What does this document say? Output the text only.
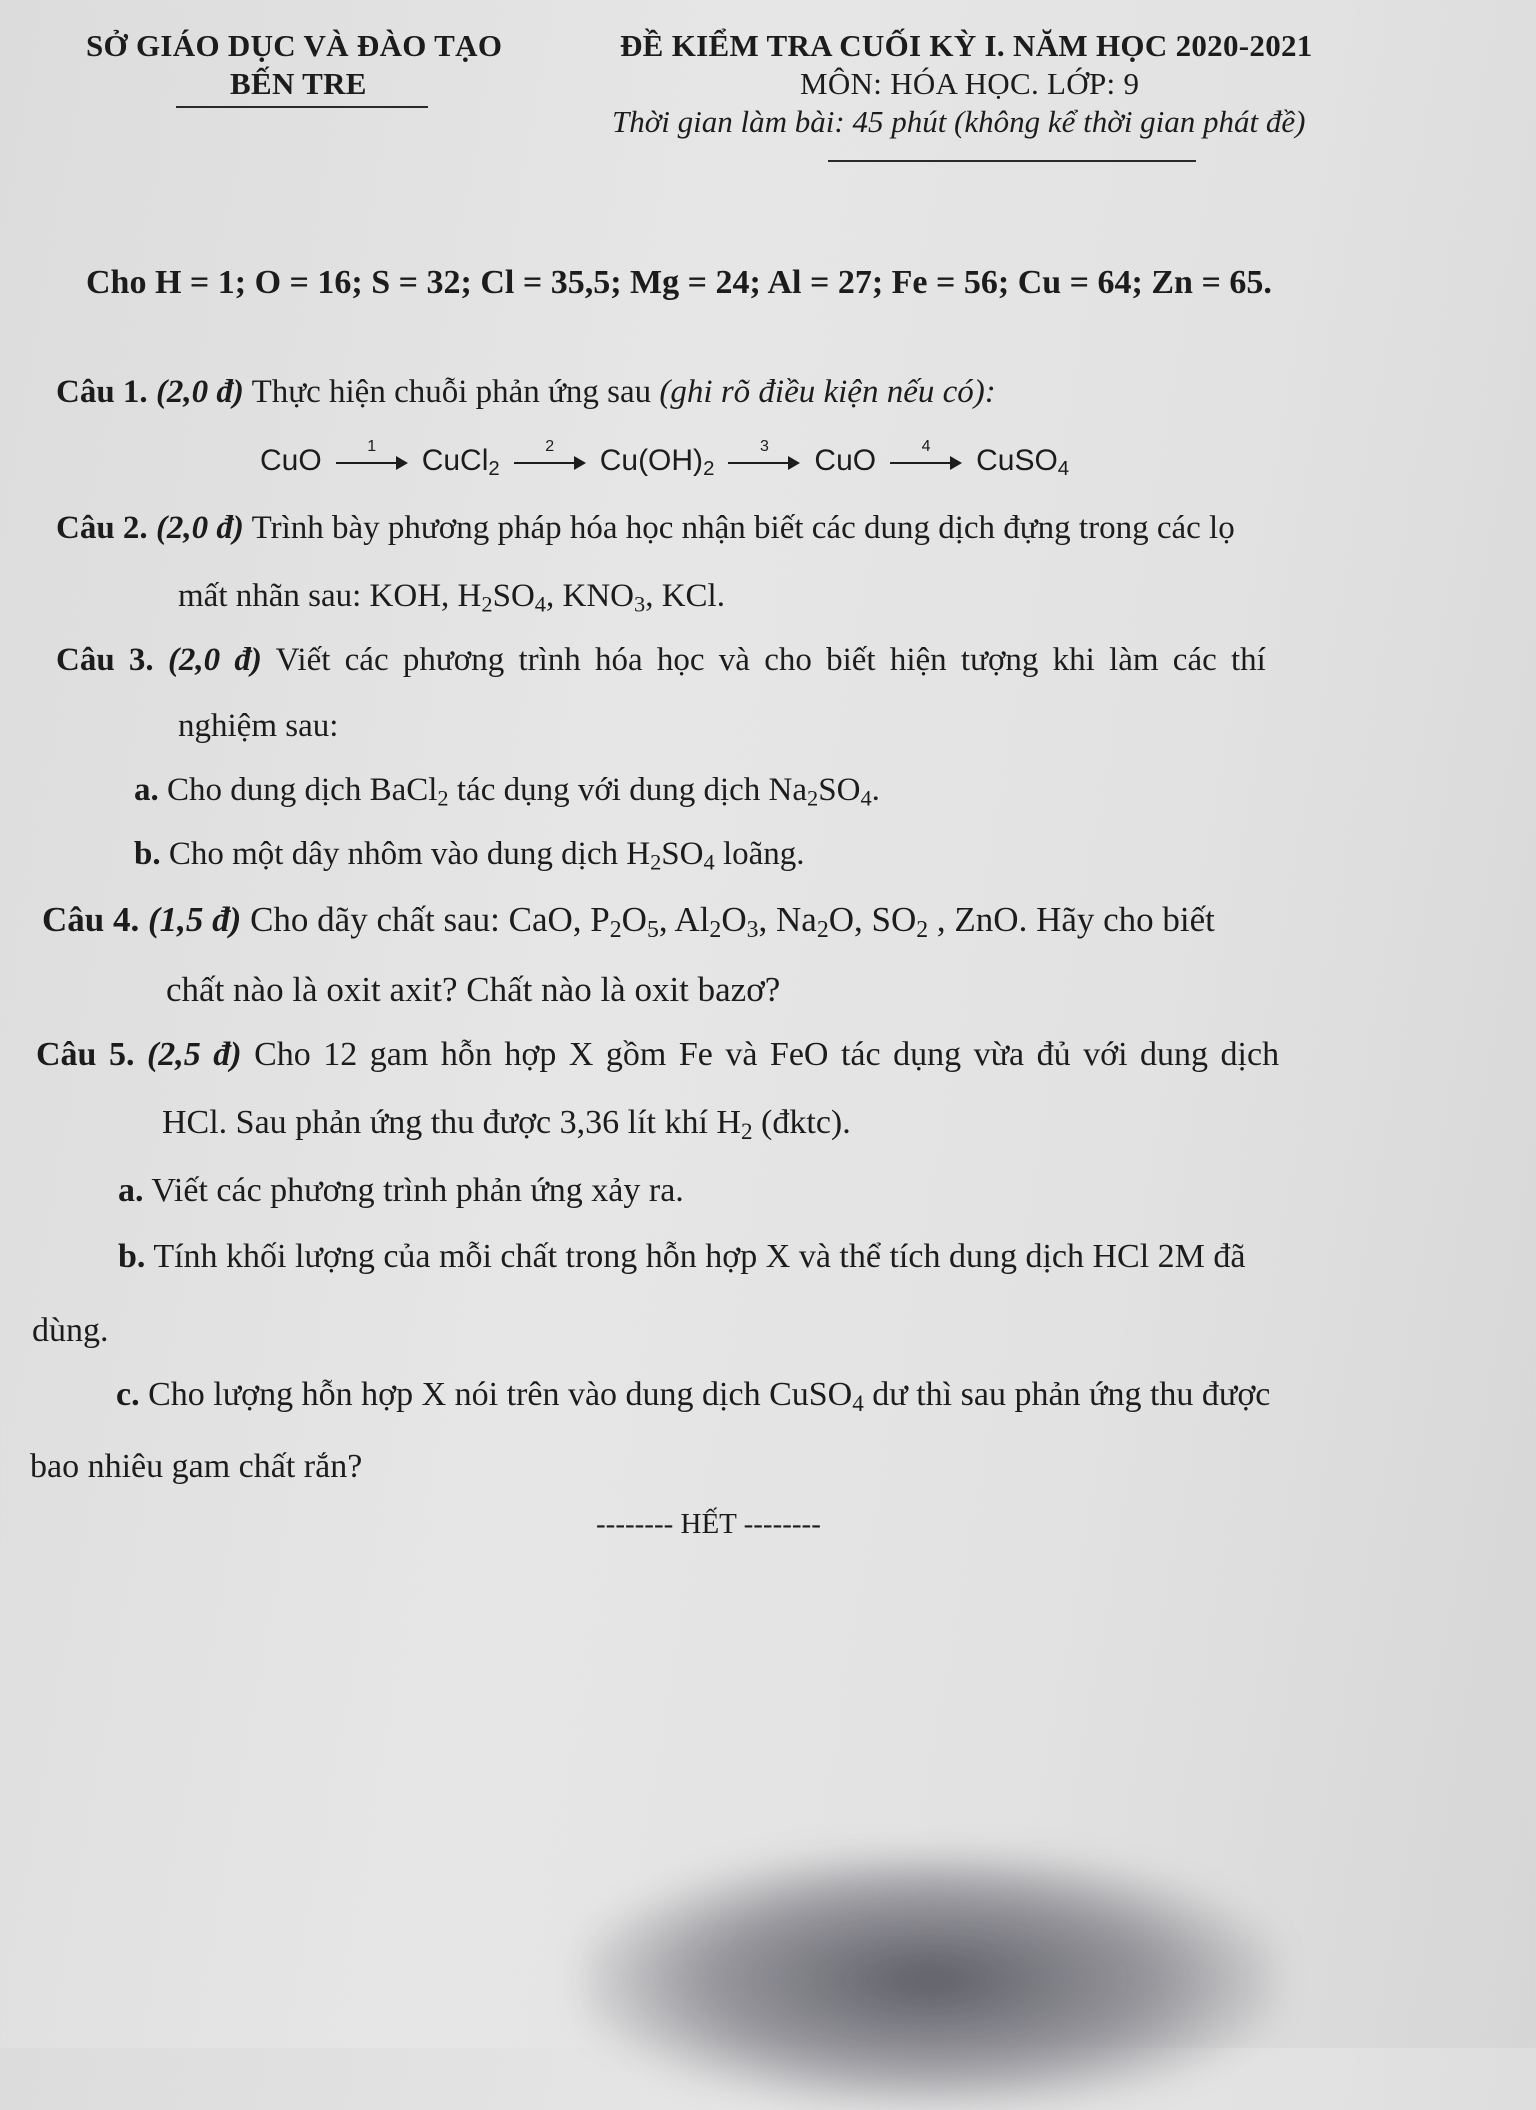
SỞ GIÁO DỤC VÀ ĐÀO TẠO
BẾN TRE
ĐỀ KIỂM TRA CUỐI KỲ I. NĂM HỌC 2020-2021
MÔN: HÓA HỌC. LỚP: 9
Thời gian làm bài: 45 phút (không kể thời gian phát đề)
Cho H = 1; O = 16; S = 32; Cl = 35,5; Mg = 24; Al = 27; Fe = 56; Cu = 64; Zn = 65.
Câu 1. (2,0 đ) Thực hiện chuỗi phản ứng sau (ghi rõ điều kiện nếu có):
CuO	1	CuCl$_2$
2	$Cu(OH)_2$
3	CuO	4	CuSO$_4$
Câu 2. (2,0 đ) Trình bày phương pháp hóa học nhận biết các dung dịch đựng trong các lọ
mất nhãn sau: KOH, $H_2SO_4$, $KNO_3$, KCl.
Câu 3. (2,0 đ) Viết các phương trình hóa học và cho biết hiện tượng khi làm các thí
nghiệm sau:
a. Cho dung dịch BaCl$_2$ tác dụng với dung dịch $Na_2SO_4$.
b. Cho một dây nhôm vào dung dịch $H_2SO_4$ loãng.
Câu 4. (1,5 đ) Cho dãy chất sau: CaO, $P_2O_5$, $Al_2O_3$, $Na_2O$, $SO_2$ , ZnO. Hãy cho biết
chất nào là oxit axit? Chất nào là oxit bazơ?
Câu 5. (2,5 đ) Cho 12 gam hỗn hợp X gồm Fe và FeO tác dụng vừa đủ với dung dịch
HCl. Sau phản ứng thu được 3,36 lít khí $H_2$ (đktc).
a. Viết các phương trình phản ứng xảy ra.
b. Tính khối lượng của mỗi chất trong hỗn hợp X và thể tích dung dịch HCl 2M đã
dùng.
c. Cho lượng hỗn hợp X nói trên vào dung dịch CuSO$_4$ dư thì sau phản ứng thu được
bao nhiêu gam chất rắn?
-------- HẾT --------
